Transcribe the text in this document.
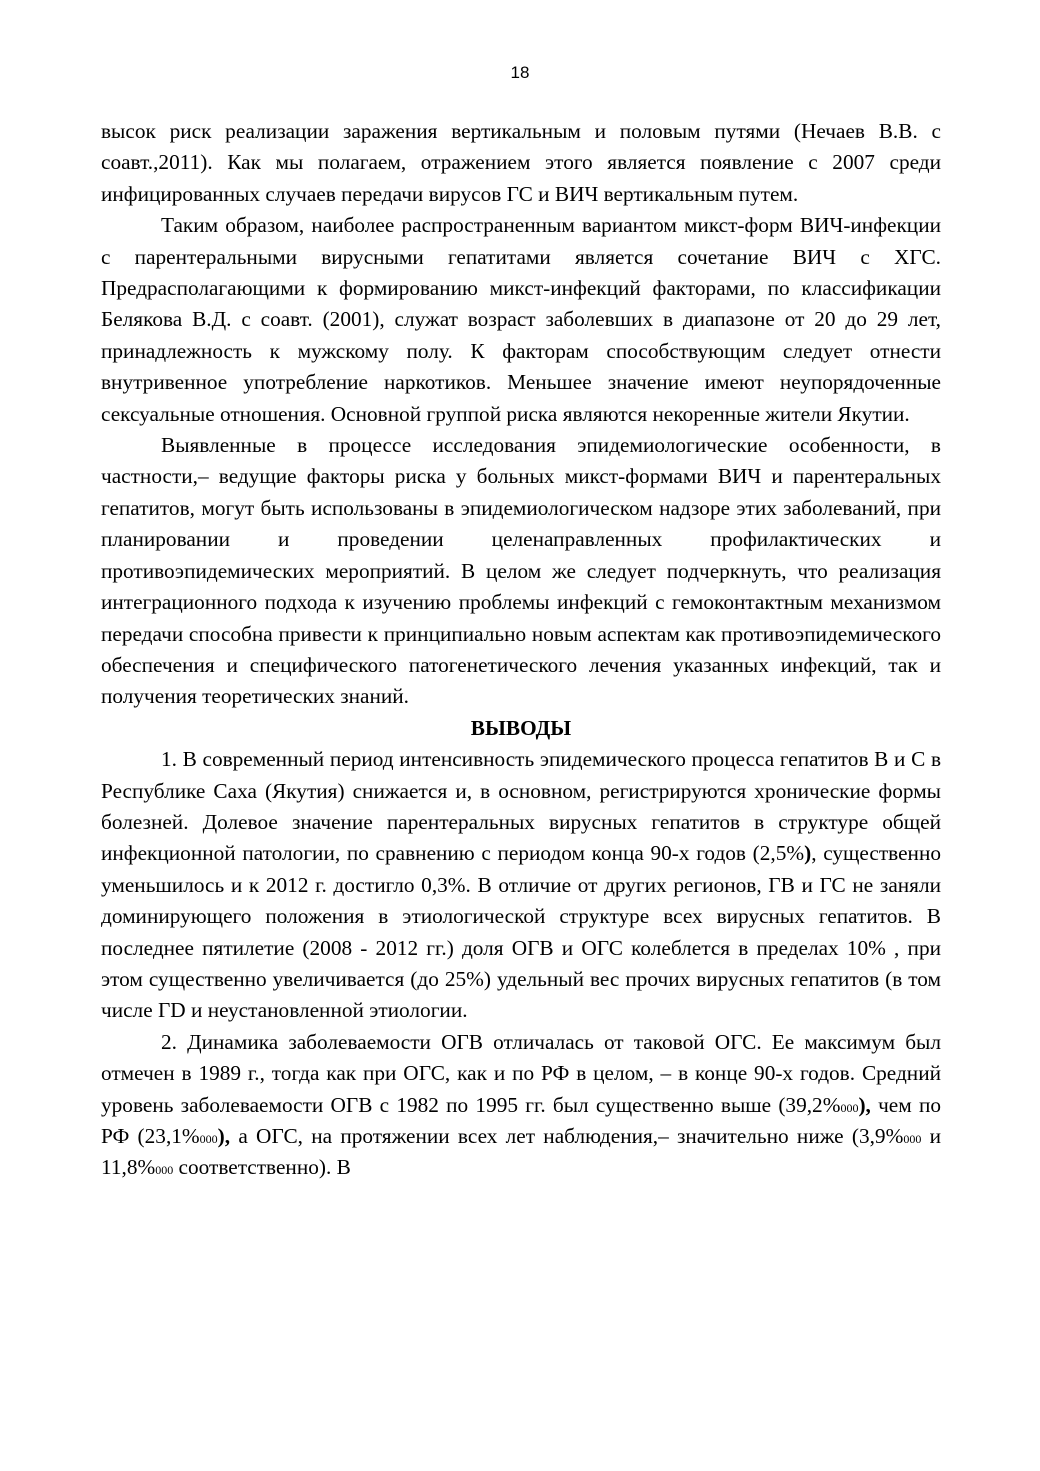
18

высок риск реализации заражения вертикальным и половым путями (Нечаев В.В. с соавт.,2011). Как мы полагаем, отражением этого является появление с 2007 среди инфицированных случаев передачи вирусов ГС и ВИЧ вертикальным путем.

Таким образом, наиболее распространенным вариантом микст-форм ВИЧ-инфекции с парентеральными вирусными гепатитами является сочетание ВИЧ с ХГС. Предрасполагающими к формированию микст-инфекций факторами, по классификации Белякова В.Д. с соавт. (2001), служат возраст заболевших в диапазоне от 20 до 29 лет, принадлежность к мужскому полу. К факторам способствующим следует отнести внутривенное употребление наркотиков. Меньшее значение имеют неупорядоченные сексуальные отношения. Основной группой риска являются некоренные жители Якутии.

Выявленные в процессе исследования эпидемиологические особенности, в частности,– ведущие факторы риска у больных микст-формами ВИЧ и парентеральных гепатитов, могут быть использованы в эпидемиологическом надзоре этих заболеваний, при планировании и проведении целенаправленных профилактических и противоэпидемических мероприятий. В целом же следует подчеркнуть, что реализация интеграционного подхода к изучению проблемы инфекций с гемоконтактным механизмом передачи способна привести к принципиально новым аспектам как противоэпидемического обеспечения и специфического патогенетического лечения указанных инфекций, так и получения теоретических знаний.

ВЫВОДЫ

1. В современный период интенсивность эпидемического процесса гепатитов В и С в Республике Саха (Якутия) снижается и, в основном, регистрируются хронические формы болезней. Долевое значение парентеральных вирусных гепатитов в структуре общей инфекционной патологии, по сравнению с периодом конца 90-х годов (2,5%), существенно уменьшилось и к 2012 г. достигло 0,3%. В отличие от других регионов, ГВ и ГС не заняли доминирующего положения в этиологической структуре всех вирусных гепатитов. В последнее пятилетие (2008 - 2012 гг.) доля ОГВ и ОГС колеблется в пределах 10% , при этом существенно увеличивается (до 25%) удельный вес прочих вирусных гепатитов (в том числе ГD и неустановленной этиологии.

2. Динамика заболеваемости ОГВ отличалась от таковой ОГС. Ее максимум был отмечен в 1989 г., тогда как при ОГС, как и по РФ в целом, – в конце 90-х годов. Средний уровень заболеваемости ОГВ с 1982 по 1995 гг. был существенно выше (39,2%000), чем по РФ (23,1%000), а ОГС, на протяжении всех лет наблюдения,– значительно ниже (3,9%000 и 11,8%000 соответственно). В
